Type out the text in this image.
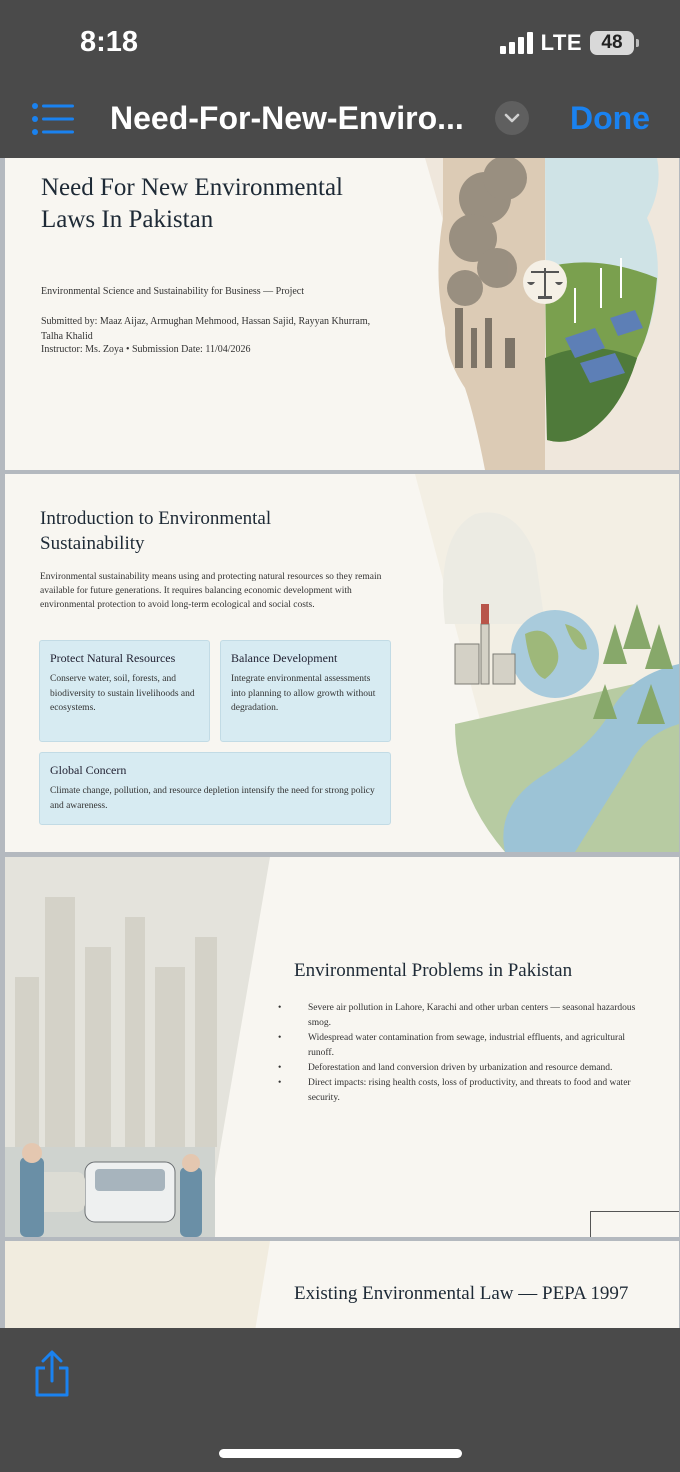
8:18	LTE 48
Need-For-New-Enviro...	Done
Need For New Environmental Laws In Pakistan
Environmental Science and Sustainability for Business — Project
Submitted by: Maaz Aijaz, Armughan Mehmood, Hassan Sajid, Rayyan Khurram, Talha Khalid
Instructor: Ms. Zoya • Submission Date: 11/04/2026
Introduction to Environmental Sustainability
Environmental sustainability means using and protecting natural resources so they remain available for future generations. It requires balancing economic development with environmental protection to avoid long-term ecological and social costs.
Protect Natural Resources
Conserve water, soil, forests, and biodiversity to sustain livelihoods and ecosystems.
Balance Development
Integrate environmental assessments into planning to allow growth without degradation.
Global Concern
Climate change, pollution, and resource depletion intensify the need for strong policy and awareness.
Environmental Problems in Pakistan
• Severe air pollution in Lahore, Karachi and other urban centers — seasonal hazardous smog.
• Widespread water contamination from sewage, industrial effluents, and agricultural runoff.
• Deforestation and land conversion driven by urbanization and resource demand.
• Direct impacts: rising health costs, loss of productivity, and threats to food and water security.
Existing Environmental Law — PEPA 1997
